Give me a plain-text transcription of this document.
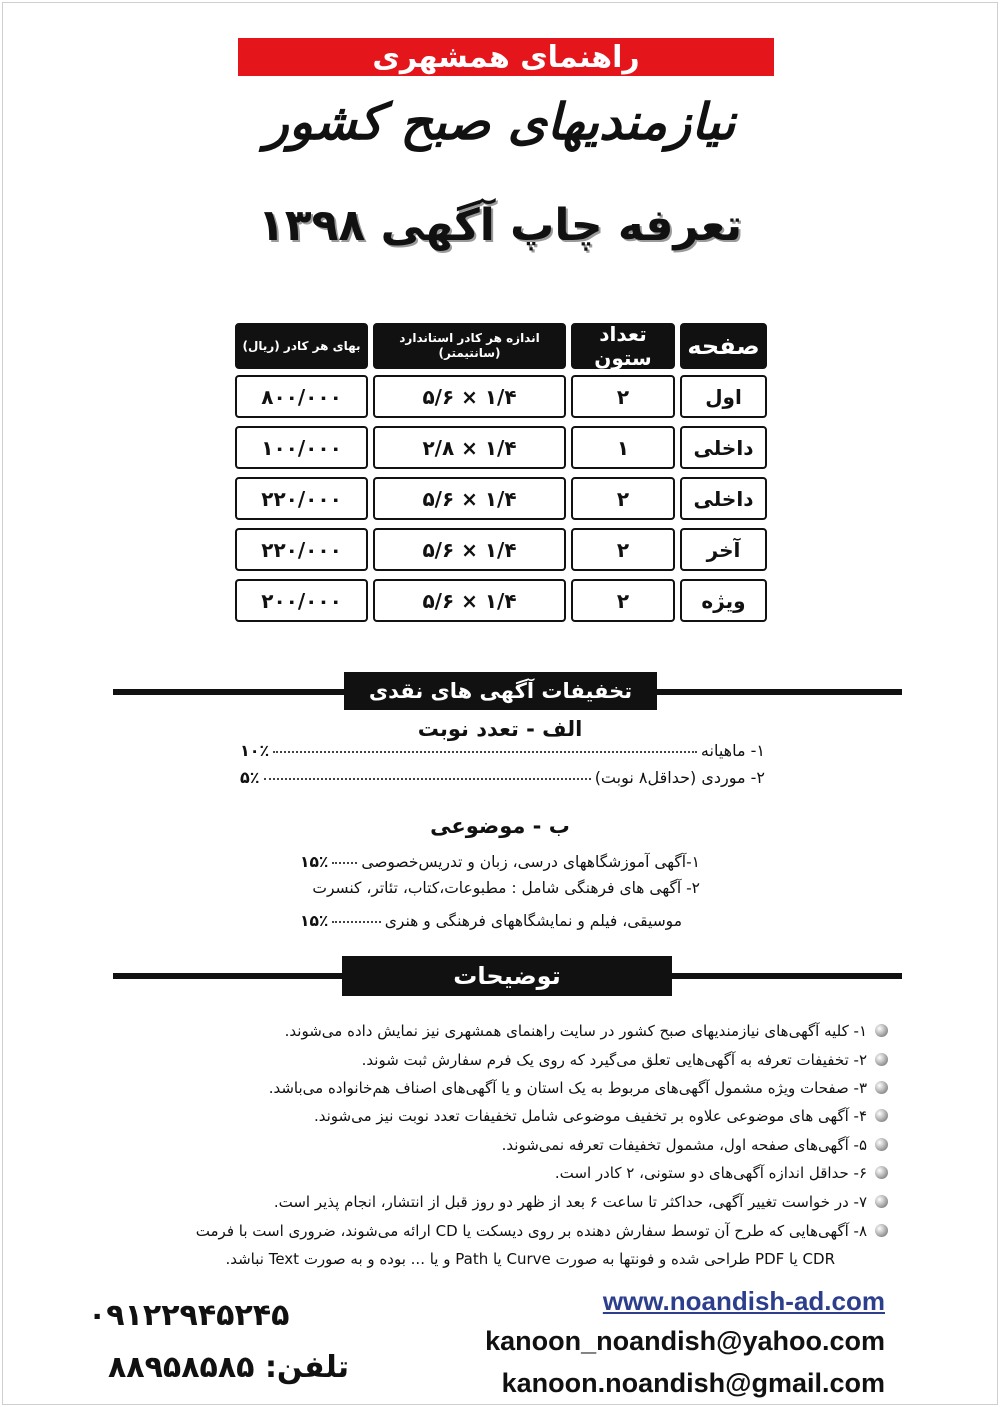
راهنمای همشهری
نیازمندیهای صبح کشور
تعرفه چاپ آگهی ۱۳۹۸
صفحه
تعداد ستون
اندازه هر کادر استاندارد (سانتیمتر)
بهای هر کادر (ریال)
اول
۲
۵/۶ × ۱/۴
۸۰۰/۰۰۰
داخلی
۱
۲/۸ × ۱/۴
۱۰۰/۰۰۰
داخلی
۲
۵/۶ × ۱/۴
۲۲۰/۰۰۰
آخر
۲
۵/۶ × ۱/۴
۲۲۰/۰۰۰
ویژه
۲
۵/۶ × ۱/۴
۲۰۰/۰۰۰
تخفیفات آگهی های نقدی
الف - تعدد نوبت
۱- ماهیانه
۱۰٪
۲- موردی (حداقل۸ نوبت)
۵٪
ب - موضوعی
۱-آگهی آموزشگاههای درسی، زبان و تدریس‌خصوصی
۱۵٪
۲- آگهی های فرهنگی شامل : مطبوعات،کتاب، تئاتر، کنسرت
موسیقی، فیلم و نمایشگاههای فرهنگی و هنری
۱۵٪
توضیحات
۱- کلیه آگهی‌های نیازمندیهای صبح کشور در سایت راهنمای همشهری نیز نمایش داده می‌شوند.
۲- تخفیفات تعرفه به آگهی‌هایی تعلق می‌گیرد که روی یک فرم سفارش ثبت شوند.
۳- صفحات ویژه مشمول آگهی‌های مربوط به یک استان و یا آگهی‌های اصناف هم‌خانواده می‌باشد.
۴- آگهی های موضوعی علاوه بر تخفیف موضوعی شامل تخفیفات تعدد نوبت نیز می‌شوند.
۵- آگهی‌های صفحه اول، مشمول تخفیفات تعرفه نمی‌شوند.
۶- حداقل اندازه آگهی‌های دو ستونی، ۲ کادر است.
۷- در خواست تغییر آگهی، حداکثر تا ساعت ۶ بعد از ظهر دو روز قبل از انتشار، انجام پذیر است.
۸- آگهی‌هایی که طرح آن توسط سفارش دهنده بر روی دیسکت یا CD ارائه می‌شوند، ضروری است با فرمت
CDR یا PDF طراحی شده و فونتها به صورت Curve یا Path و یا ... بوده و به صورت Text نباشد.
۰۹۱۲۲۹۴۵۲۴۵
تلفن: ۸۸۹۵۸۵۸۵
www.noandish-ad.com
kanoon_noandish@yahoo.com
kanoon.noandish@gmail.com
